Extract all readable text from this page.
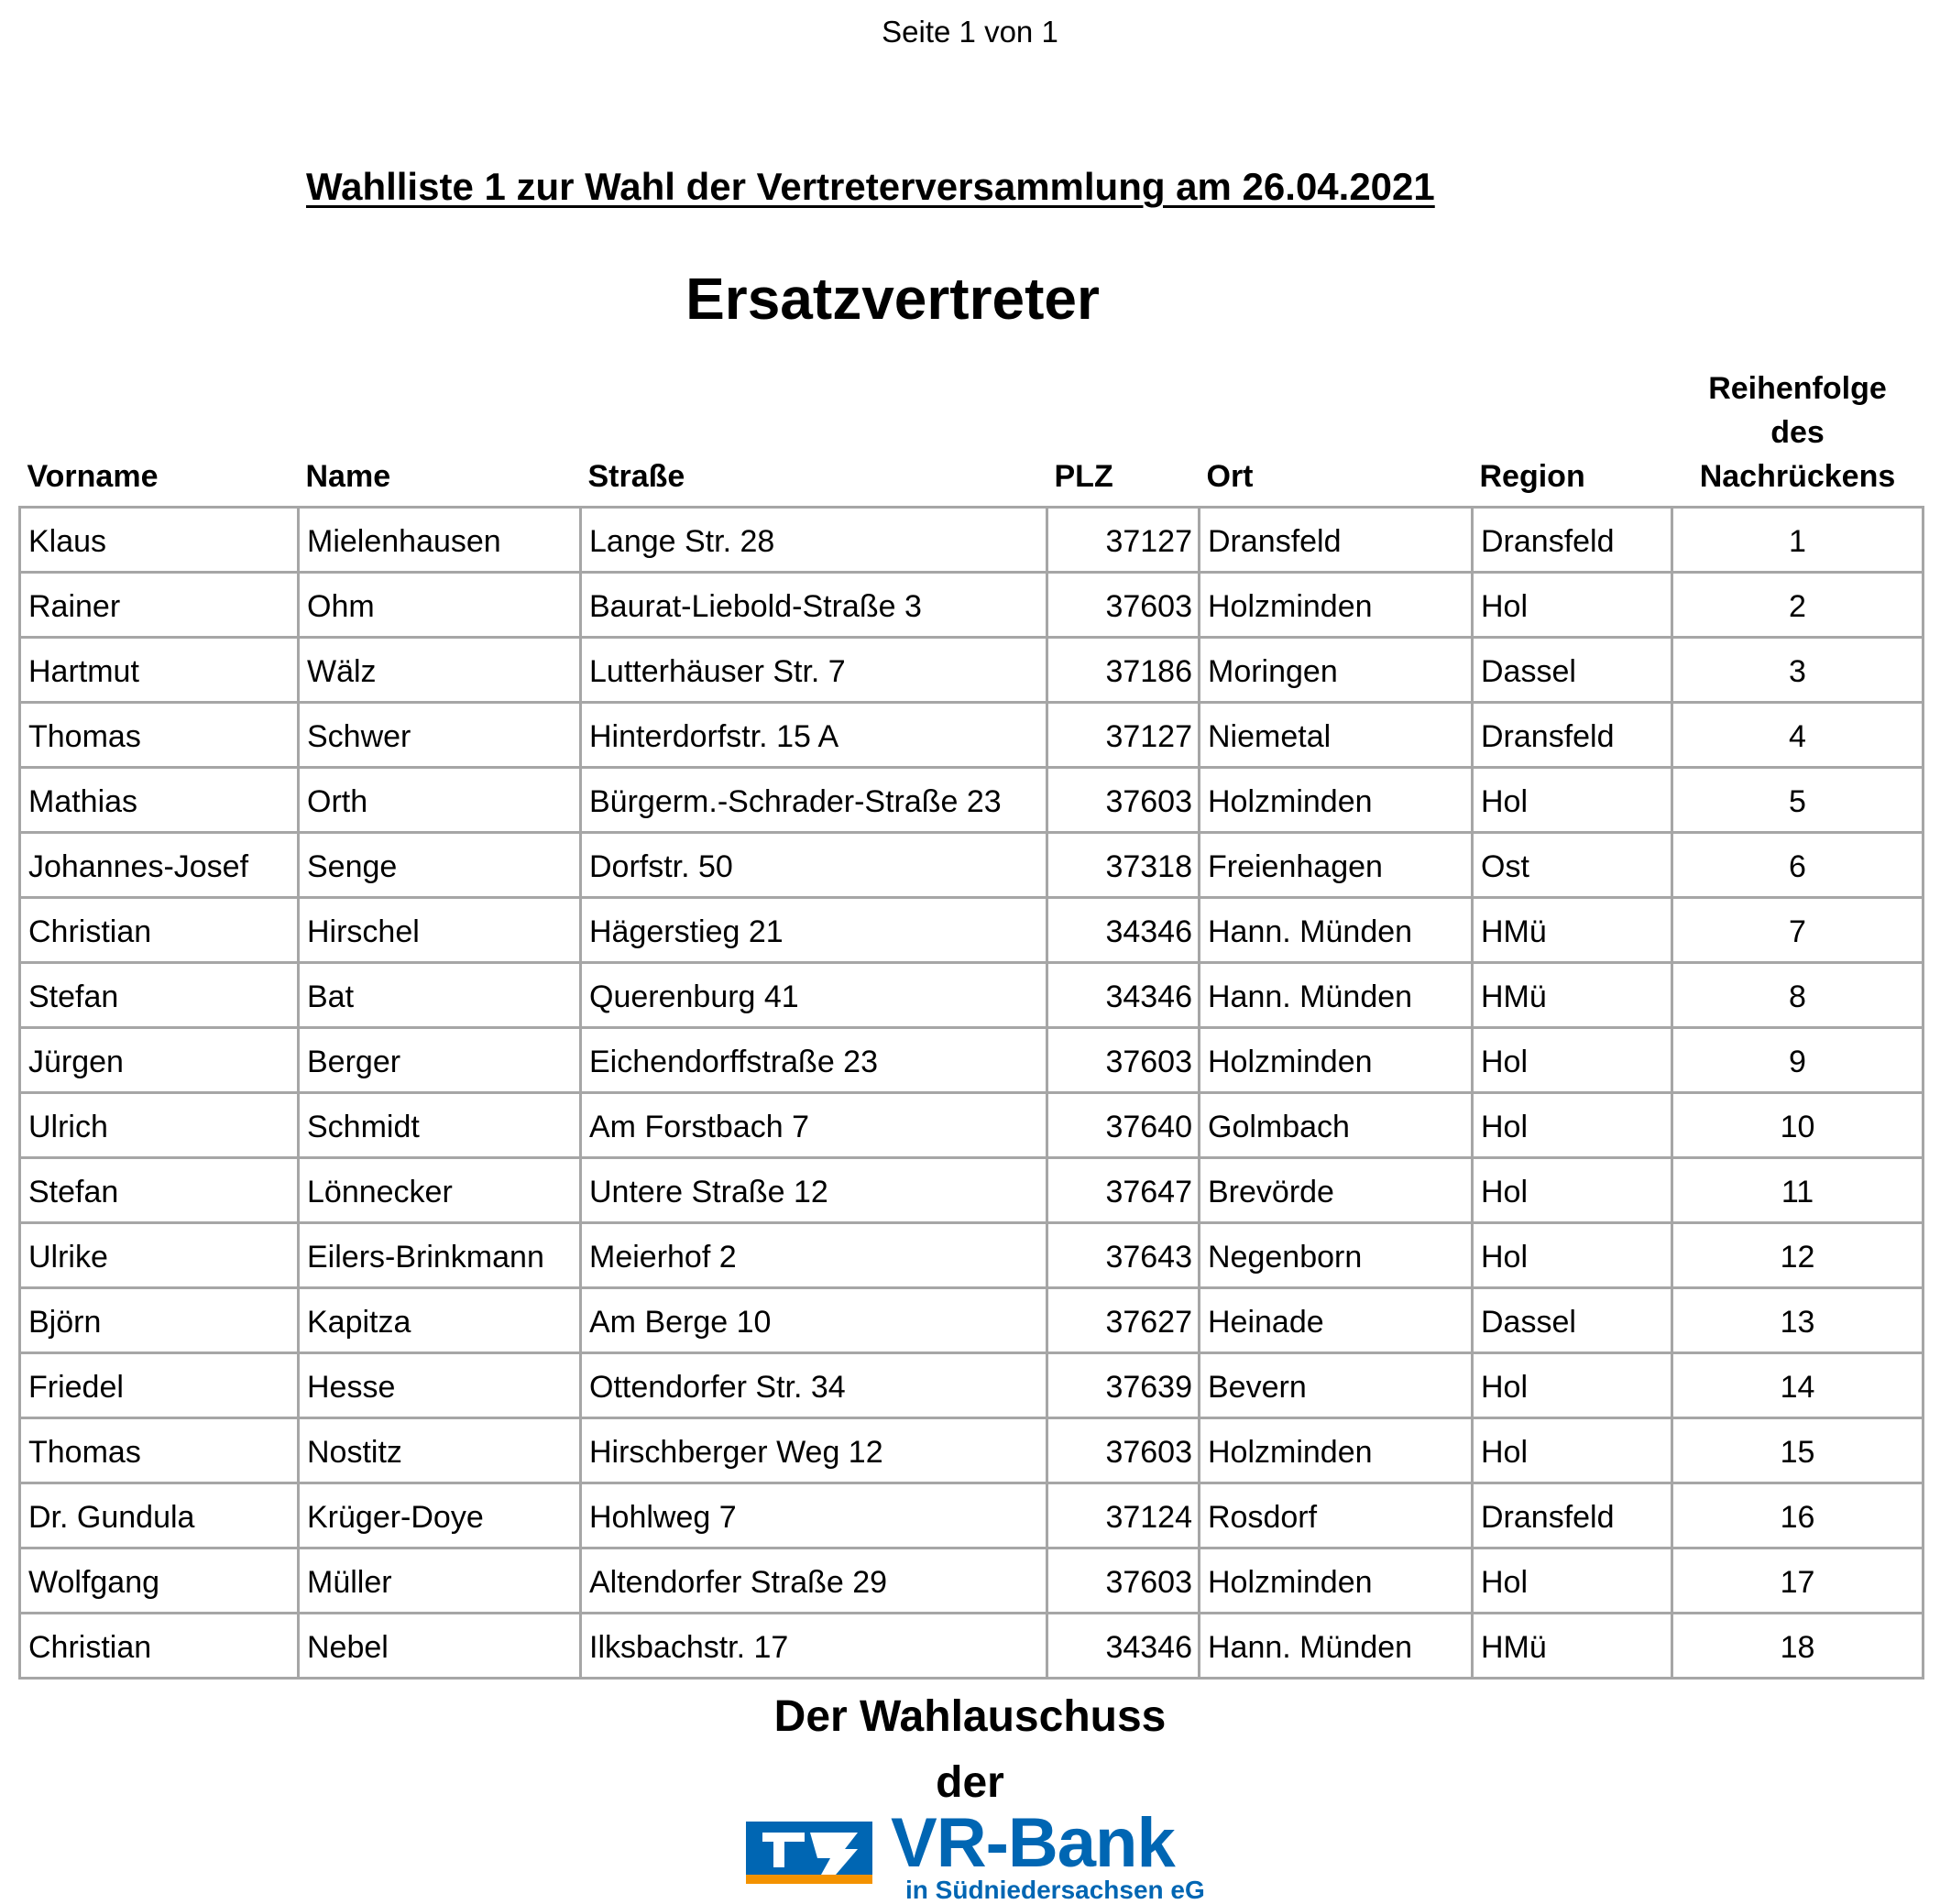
Seite 1 von 1
Wahlliste 1 zur Wahl der Vertreterversammlung am 26.04.2021
Ersatzvertreter
Vorname	Name	Straße	PLZ	Ort	Region	Reihenfolge des Nachrückens
Klaus	Mielenhausen	Lange Str. 28	37127	Dransfeld	Dransfeld	1
Rainer	Ohm	Baurat-Liebold-Straße 3	37603	Holzminden	Hol	2
Hartmut	Wälz	Lutterhäuser Str. 7	37186	Moringen	Dassel	3
Thomas	Schwer	Hinterdorfstr. 15 A	37127	Niemetal	Dransfeld	4
Mathias	Orth	Bürgerm.-Schrader-Straße 23	37603	Holzminden	Hol	5
Johannes-Josef	Senge	Dorfstr. 50	37318	Freienhagen	Ost	6
Christian	Hirschel	Hägerstieg 21	34346	Hann. Münden	HMü	7
Stefan	Bat	Querenburg 41	34346	Hann. Münden	HMü	8
Jürgen	Berger	Eichendorffstraße 23	37603	Holzminden	Hol	9
Ulrich	Schmidt	Am Forstbach 7	37640	Golmbach	Hol	10
Stefan	Lönnecker	Untere Straße 12	37647	Brevörde	Hol	11
Ulrike	Eilers-Brinkmann	Meierhof 2	37643	Negenborn	Hol	12
Björn	Kapitza	Am Berge 10	37627	Heinade	Dassel	13
Friedel	Hesse	Ottendorfer Str. 34	37639	Bevern	Hol	14
Thomas	Nostitz	Hirschberger Weg 12	37603	Holzminden	Hol	15
Dr. Gundula	Krüger-Doye	Hohlweg 7	37124	Rosdorf	Dransfeld	16
Wolfgang	Müller	Altendorfer Straße 29	37603	Holzminden	Hol	17
Christian	Nebel	Ilksbachstr. 17	34346	Hann. Münden	HMü	18
Der Wahlauschuss
der
VR-Bank
in Südniedersachsen eG
